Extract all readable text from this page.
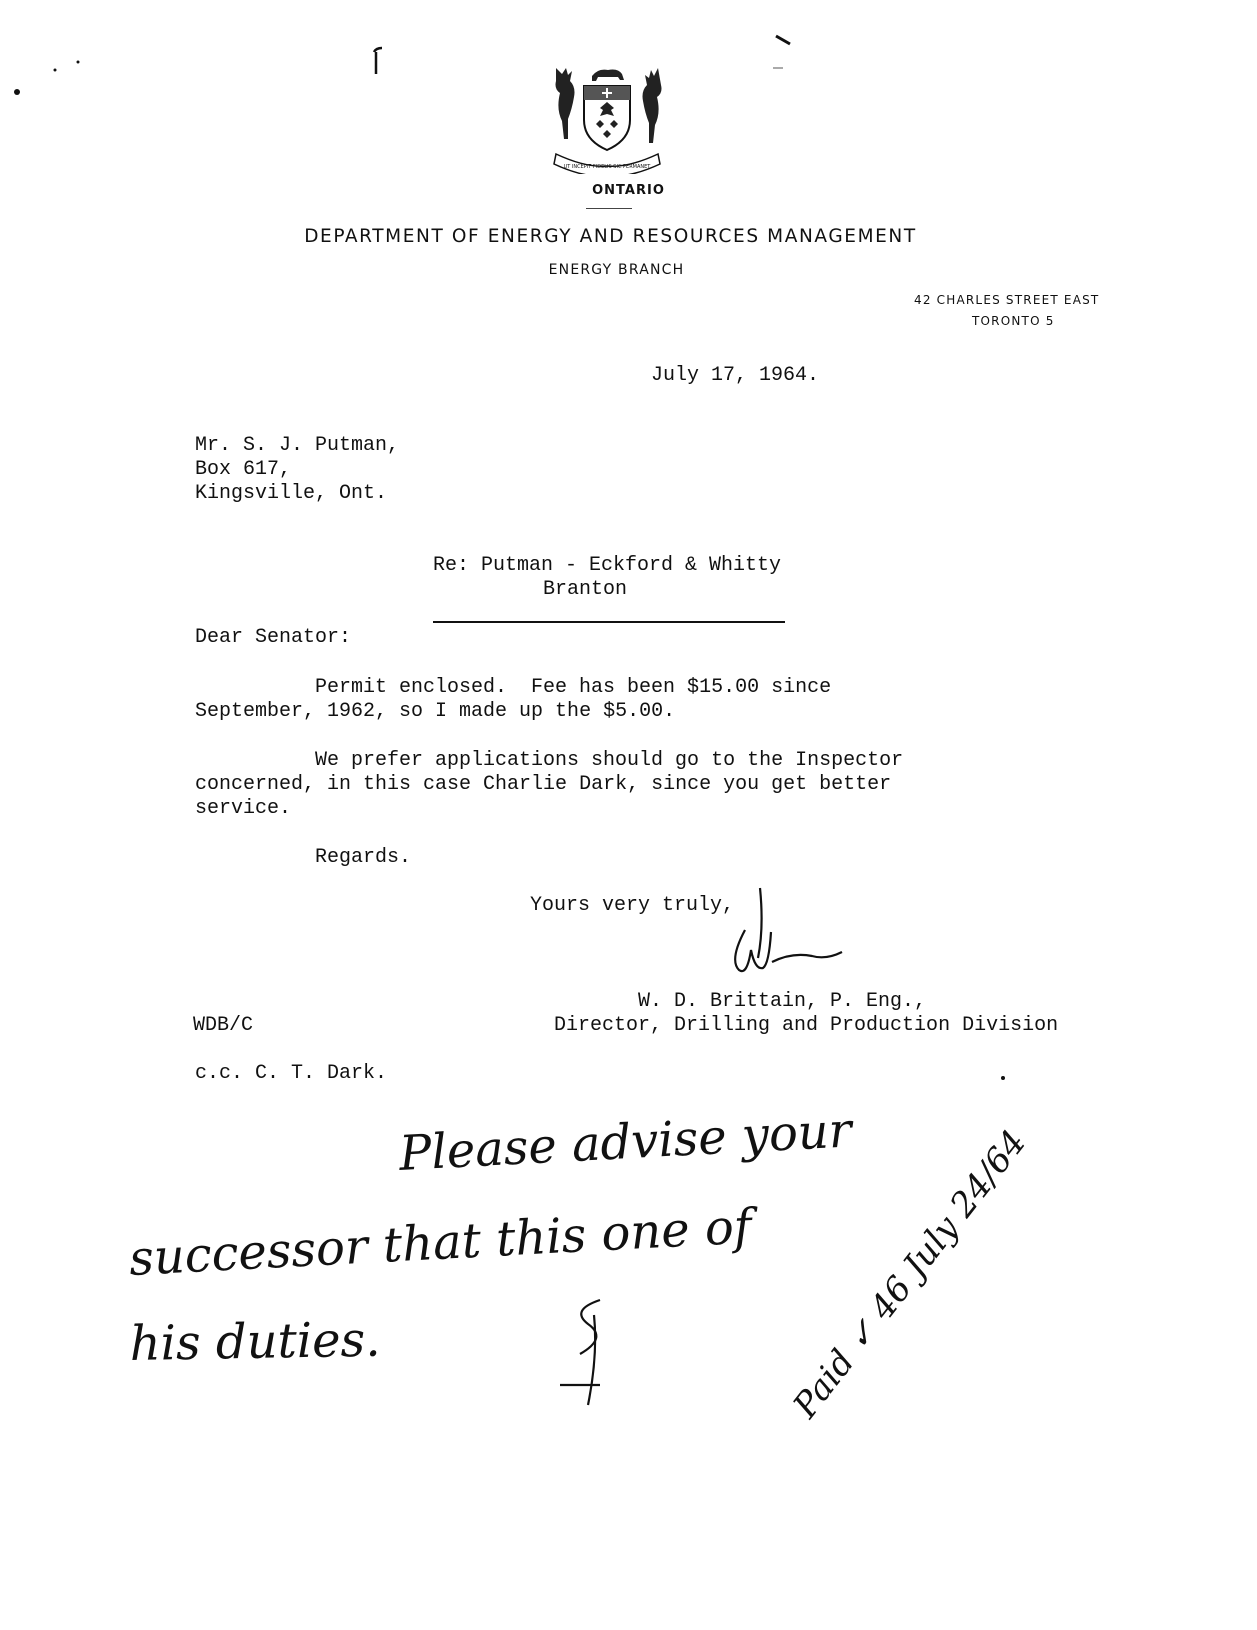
UT INCEPIT FIDELIS SIC PERMANET
ONTARIO
DEPARTMENT OF ENERGY AND RESOURCES MANAGEMENT
ENERGY BRANCH
42 CHARLES STREET EAST
TORONTO 5
July 17, 1964.
Mr. S. J. Putman,
Box 617,
Kingsville, Ont.
Re: Putman - Eckford & Whitty
Branton
Dear Senator:
Permit enclosed.  Fee has been $15.00 since
September, 1962, so I made up the $5.00.
We prefer applications should go to the Inspector
concerned, in this case Charlie Dark, since you get better
service.
Regards.
Yours very truly,
W. D. Brittain, P. Eng.,
WDB/C	Director, Drilling and Production Division
c.c. C. T. Dark.
Please advise your
successor that this one of
his duties.	Paid ✓ 46 July 24/64
